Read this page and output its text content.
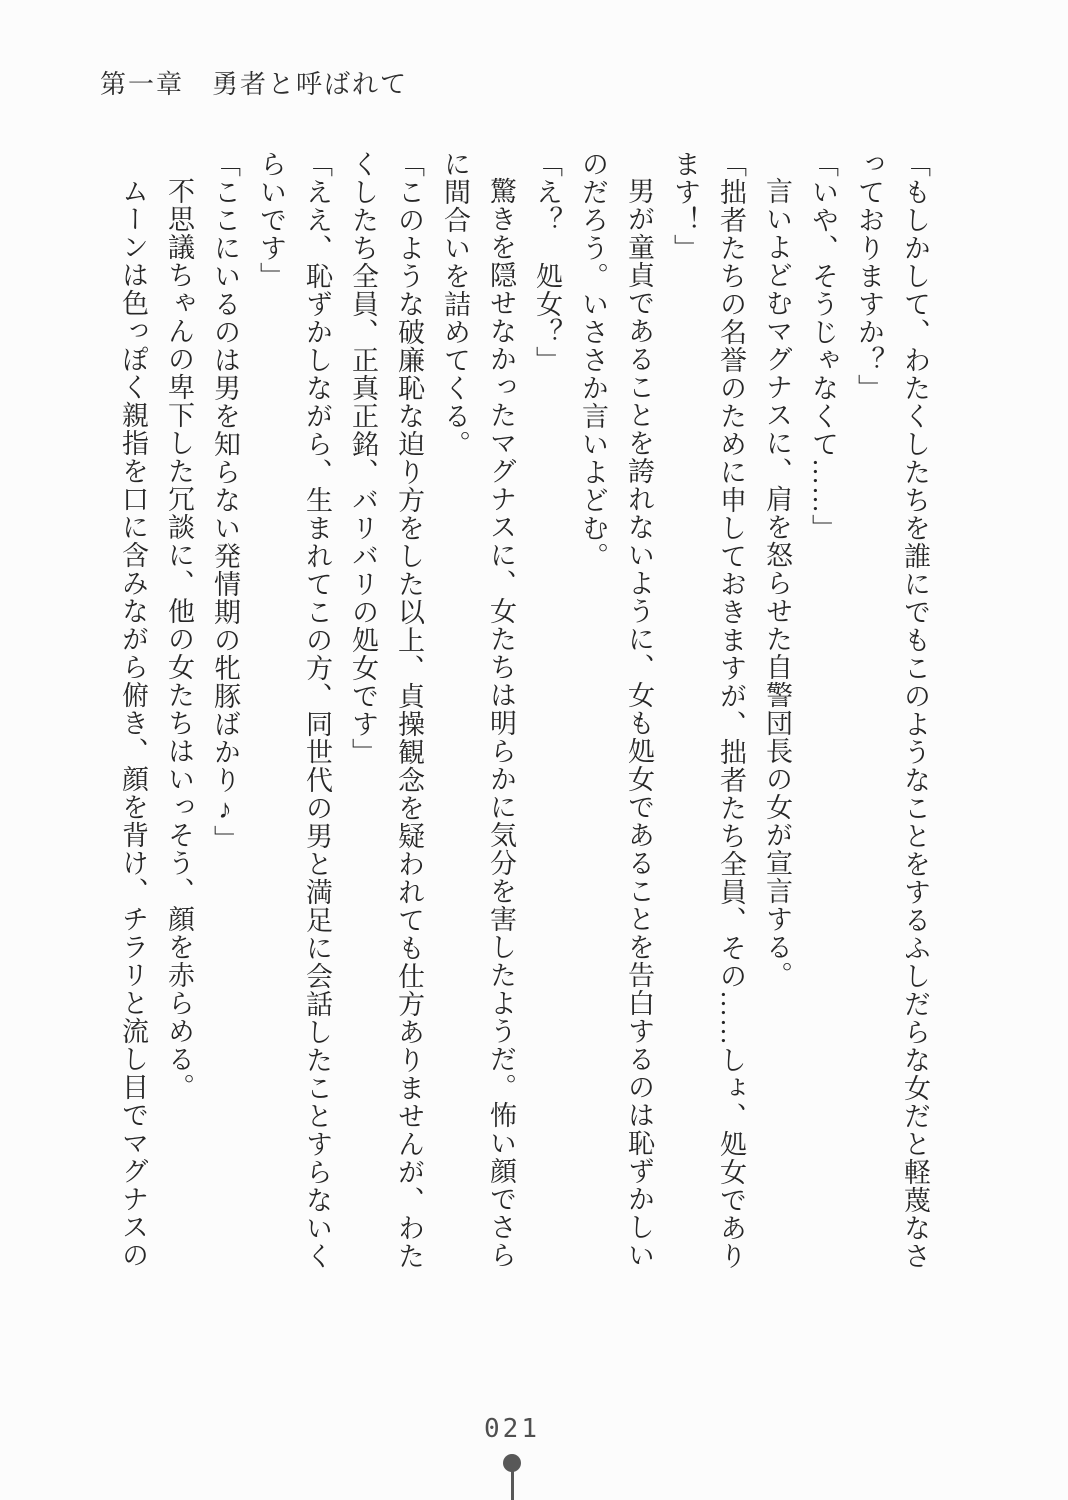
第一章　勇者と呼ばれて
「もしかして、わたくしたちを誰にでもこのようなことをするふしだらな女だと軽蔑なさ
っておりますか？」
「いや、そうじゃなくて……」
言いよどむマグナスに、肩を怒らせた自警団長の女が宣言する。
「拙者たちの名誉のために申しておきますが、拙者たち全員、その……しょ、処女であり
ます！」
男が童貞であることを誇れないように、女も処女であることを告白するのは恥ずかしい
のだろう。いささか言いよどむ。
「え？　処女？」
驚きを隠せなかったマグナスに、女たちは明らかに気分を害したようだ。怖い顔でさら
に間合いを詰めてくる。
「このような破廉恥な迫り方をした以上、貞操観念を疑われても仕方ありませんが、わた
くしたち全員、正真正銘、バリバリの処女です」
「ええ、恥ずかしながら、生まれてこの方、同世代の男と満足に会話したことすらないく
らいです」
「ここにいるのは男を知らない発情期の牝豚ばかり♪」
不思議ちゃんの卑下した冗談に、他の女たちはいっそう、顔を赤らめる。
ムーンは色っぽく親指を口に含みながら俯き、顔を背け、チラリと流し目でマグナスの
021
